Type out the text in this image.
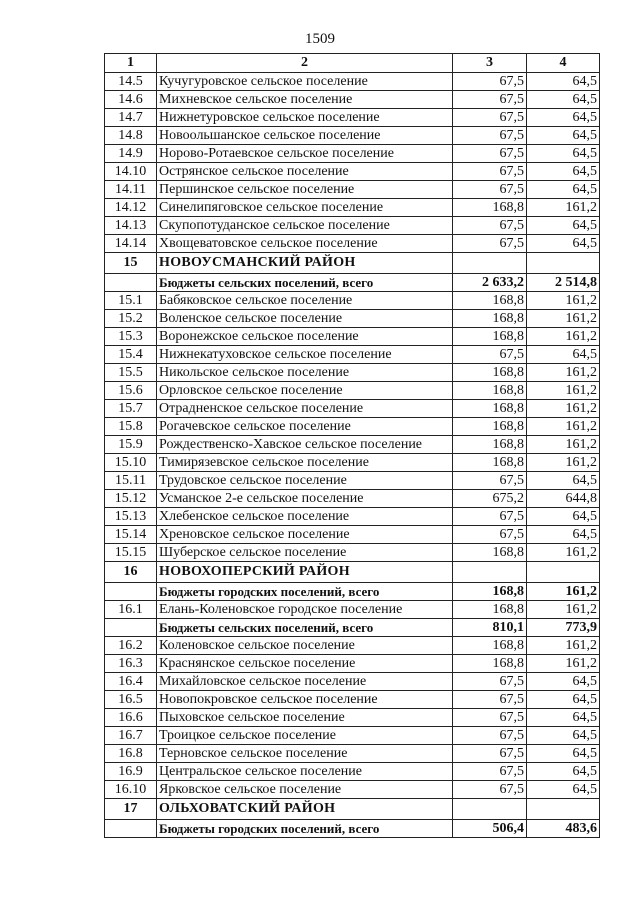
1509
1	2	3	4
14.5	Кучугуровское сельское поселение	67,5	64,5
14.6	Михневское сельское поселение	67,5	64,5
14.7	Нижнетуровское сельское поселение	67,5	64,5
14.8	Новоольшанское сельское поселение	67,5	64,5
14.9	Норово-Ротаевское сельское поселение	67,5	64,5
14.10	Острянское сельское поселение	67,5	64,5
14.11	Першинское сельское поселение	67,5	64,5
14.12	Синелипяговское сельское поселение	168,8	161,2
14.13	Скупопотуданское сельское поселение	67,5	64,5
14.14	Хвощеватовское сельское поселение	67,5	64,5
15	НОВОУСМАНСКИЙ РАЙОН		
	Бюджеты сельских поселений, всего	2 633,2	2 514,8
15.1	Бабяковское сельское поселение	168,8	161,2
15.2	Воленское сельское поселение	168,8	161,2
15.3	Воронежское сельское поселение	168,8	161,2
15.4	Нижнекатуховское сельское поселение	67,5	64,5
15.5	Никольское сельское поселение	168,8	161,2
15.6	Орловское сельское поселение	168,8	161,2
15.7	Отрадненское сельское поселение	168,8	161,2
15.8	Рогачевское сельское поселение	168,8	161,2
15.9	Рождественско-Хавское сельское поселение	168,8	161,2
15.10	Тимирязевское сельское поселение	168,8	161,2
15.11	Трудовское сельское поселение	67,5	64,5
15.12	Усманское 2-е сельское поселение	675,2	644,8
15.13	Хлебенское сельское поселение	67,5	64,5
15.14	Хреновское сельское поселение	67,5	64,5
15.15	Шуберское сельское поселение	168,8	161,2
16	НОВОХОПЕРСКИЙ РАЙОН		
	Бюджеты городских поселений, всего	168,8	161,2
16.1	Елань-Коленовское городское поселение	168,8	161,2
	Бюджеты сельских поселений, всего	810,1	773,9
16.2	Коленовское сельское поселение	168,8	161,2
16.3	Краснянское сельское поселение	168,8	161,2
16.4	Михайловское сельское поселение	67,5	64,5
16.5	Новопокровское сельское поселение	67,5	64,5
16.6	Пыховское сельское поселение	67,5	64,5
16.7	Троицкое сельское поселение	67,5	64,5
16.8	Терновское сельское поселение	67,5	64,5
16.9	Центральское сельское поселение	67,5	64,5
16.10	Ярковское сельское поселение	67,5	64,5
17	ОЛЬХОВАТСКИЙ РАЙОН		
	Бюджеты городских поселений, всего	506,4	483,6
